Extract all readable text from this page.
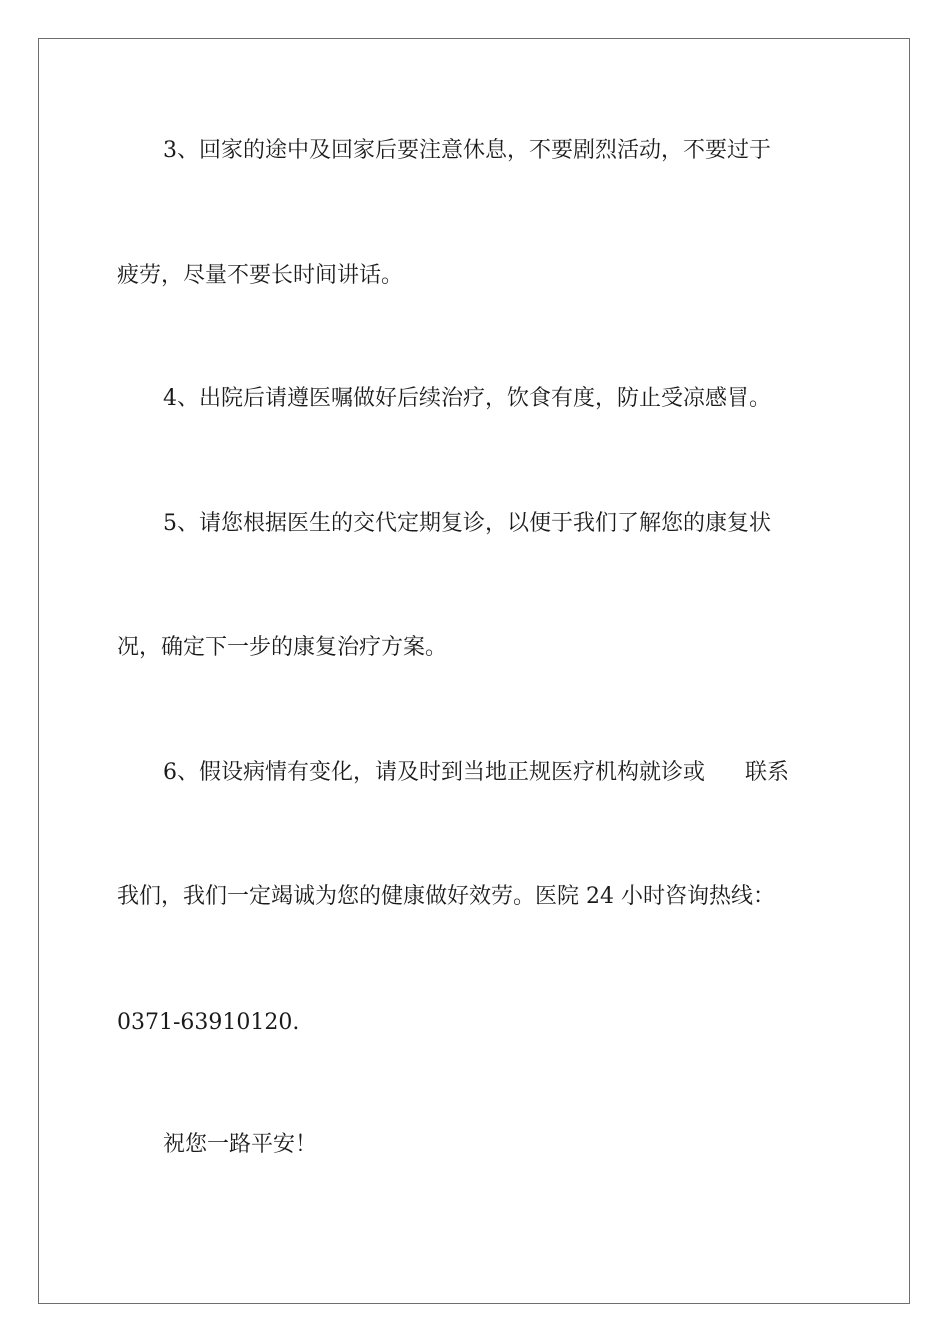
3、回家的途中及回家后要注意休息，不要剧烈活动，不要过于

疲劳，尽量不要长时间讲话。

4、出院后请遵医嘱做好后续治疗，饮食有度，防止受凉感冒。

5、请您根据医生的交代定期复诊，以便于我们了解您的康复状

况，确定下一步的康复治疗方案。

6、假设病情有变化，请及时到当地正规医疗机构就诊或 联系

我们，我们一定竭诚为您的健康做好效劳。医院 24 小时咨询热线：

0371-63910120.

祝您一路平安！
